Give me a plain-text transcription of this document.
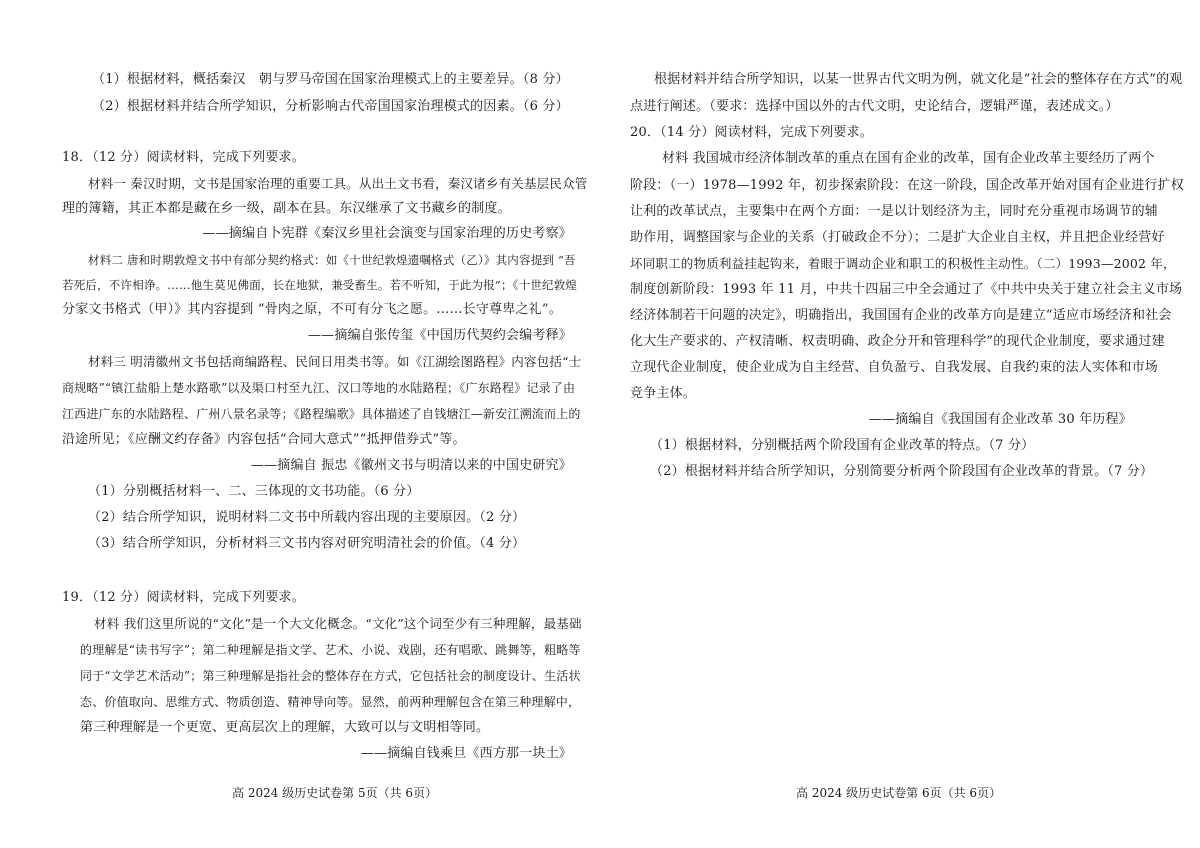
（1）根据材料，概括秦汉　朝与罗马帝国在国家治理模式上的主要差异。（8 分）
（2）根据材料并结合所学知识，分析影响古代帝国国家治理模式的因素。（6 分）
18．（12 分）阅读材料，完成下列要求。
材料一 秦汉时期，文书是国家治理的重要工具。从出土文书看，秦汉诸乡有关基层民众管
理的簿籍，其正本都是藏在乡一级，副本在县。东汉继承了文书藏乡的制度。
——摘编自卜宪群《秦汉乡里社会演变与国家治理的历史考察》
材料二 唐和时期敦煌文书中有部分契约格式：如《十世纪敦煌遗嘱格式（乙）》其内容提到 “吾
若死后，不许相诤。……他生莫见佛面，长在地狱，兼受畜生。若不听知，于此为报”；《十世纪敦煌
分家文书格式（甲）》其内容提到 “骨肉之原，不可有分飞之愿。……长守尊卑之礼”。
——摘编自张传玺《中国历代契约会编考释》
材料三 明清徽州文书包括商编路程、民间日用类书等。如《江湖绘图路程》内容包括“士
商规略”“镇江盐船上楚水路歌”以及渠口村至九江、汉口等地的水陆路程；《广东路程》记录了由
江西进广东的水陆路程、广州八景名录等；《路程编歌》具体描述了自钱塘江—新安江溯流而上的
沿途所见；《应酬文约存备》内容包括“合同大意式”“抵押借券式”等。
——摘编自 振忠《徽州文书与明清以来的中国史研究》
（1）分别概括材料一、二、三体现的文书功能。（6 分）
（2）结合所学知识，说明材料二文书中所载内容出现的主要原因。（2 分）
（3）结合所学知识，分析材料三文书内容对研究明清社会的价值。（4 分）
19．（12 分）阅读材料，完成下列要求。
材料 我们这里所说的“文化”是一个大文化概念。“文化”这个词至少有三种理解，最基础
的理解是“读书写字”；第二种理解是指文学、艺术、小说、戏剧，还有唱歌、跳舞等，粗略等
同于“文学艺术活动”；第三种理解是指社会的整体存在方式，它包括社会的制度设计、生活状
态、价值取向、思维方式、物质创造、精神导向等。显然，前两种理解包含在第三种理解中，
第三种理解是一个更宽、更高层次上的理解，大致可以与文明相等同。
——摘编自钱乘旦《西方那一块土》
高 2024 级历史试卷第 5页（共 6页）
根据材料并结合所学知识，以某一世界古代文明为例，就文化是“社会的整体存在方式”的观
点进行阐述。（要求：选择中国以外的古代文明，史论结合，逻辑严谨，表述成文。）
20．（14 分）阅读材料，完成下列要求。
材料 我国城市经济体制改革的重点在国有企业的改革，国有企业改革主要经历了两个
阶段：（一）1978—1992 年，初步探索阶段：在这一阶段，国企改革开始对国有企业进行扩权
让利的改革试点，主要集中在两个方面：一是以计划经济为主，同时充分重视市场调节的辅
助作用，调整国家与企业的关系（打破政企不分）；二是扩大企业自主权，并且把企业经营好
坏同职工的物质利益挂起钩来，着眼于调动企业和职工的积极性主动性。（二）1993—2002 年，
制度创新阶段：1993 年 11 月，中共十四届三中全会通过了《中共中央关于建立社会主义市场
经济体制若干问题的决定》，明确指出，我国国有企业的改革方向是建立“适应市场经济和社会
化大生产要求的、产权清晰、权责明确、政企分开和管理科学”的现代企业制度，要求通过建
立现代企业制度，使企业成为自主经营、自负盈亏、自我发展、自我约束的法人实体和市场
竞争主体。
——摘编自《我国国有企业改革 30 年历程》
（1）根据材料，分别概括两个阶段国有企业改革的特点。（7 分）
（2）根据材料并结合所学知识，分别简要分析两个阶段国有企业改革的背景。（7 分）
高 2024 级历史试卷第 6页（共 6页）
